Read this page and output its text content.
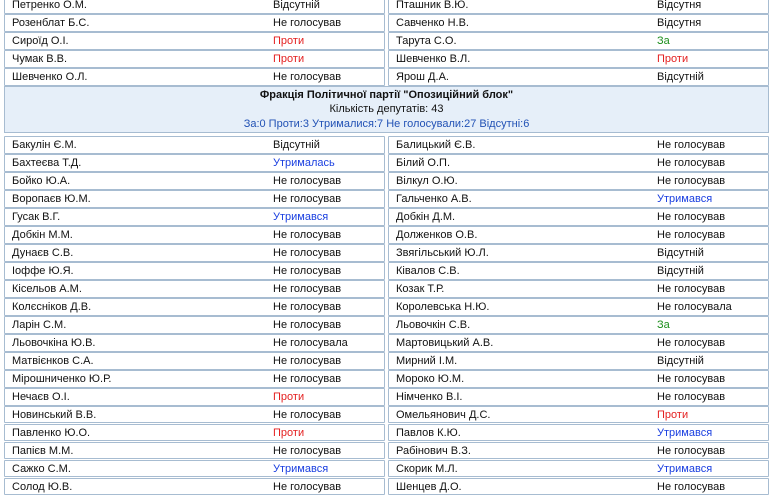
Петренко О.М.	Відсутній
Розенблат Б.С.	Не голосував
Сироїд О.І.	Проти
Чумак В.В.	Проти
Шевченко О.Л.	Не голосував
Пташник В.Ю.	Відсутня
Савченко Н.В.	Відсутня
Тарута С.О.	За
Шевченко В.Л.	Проти
Ярош Д.А.	Відсутній
Фракція Політичної партії "Опозиційний блок"
Кількість депутатів: 43
За:0 Проти:3 Утрималися:7 Не голосували:27 Відсутні:6
Бакулін Є.М.	Відсутній
Бахтеєва Т.Д.	Утрималась
Бойко Ю.А.	Не голосував
Воропаєв Ю.М.	Не голосував
Гусак В.Г.	Утримався
Добкін М.М.	Не голосував
Дунаєв С.В.	Не голосував
Іоффе Ю.Я.	Не голосував
Кісельов А.М.	Не голосував
Колєсніков Д.В.	Не голосував
Ларін С.М.	Не голосував
Льовочкіна Ю.В.	Не голосувала
Матвієнков С.А.	Не голосував
Мірошниченко Ю.Р.	Не голосував
Нечаєв О.І.	Проти
Новинський В.В.	Не голосував
Павленко Ю.О.	Проти
Папієв М.М.	Не голосував
Сажко С.М.	Утримався
Солод Ю.В.	Не голосував
Балицький Є.В.	Не голосував
Білий О.П.	Не голосував
Вілкул О.Ю.	Не голосував
Гальченко А.В.	Утримався
Добкін Д.М.	Не голосував
Долженков О.В.	Не голосував
Звягільський Ю.Л.	Відсутній
Ківалов С.В.	Відсутній
Козак Т.Р.	Не голосував
Королевська Н.Ю.	Не голосувала
Льовочкін С.В.	За
Мартовицький А.В.	Не голосував
Мирний І.М.	Відсутній
Мороко Ю.М.	Не голосував
Німченко В.І.	Не голосував
Омельянович Д.С.	Проти
Павлов К.Ю.	Утримався
Рабінович В.З.	Не голосував
Скорик М.Л.	Утримався
Шенцев Д.О.	Не голосував
